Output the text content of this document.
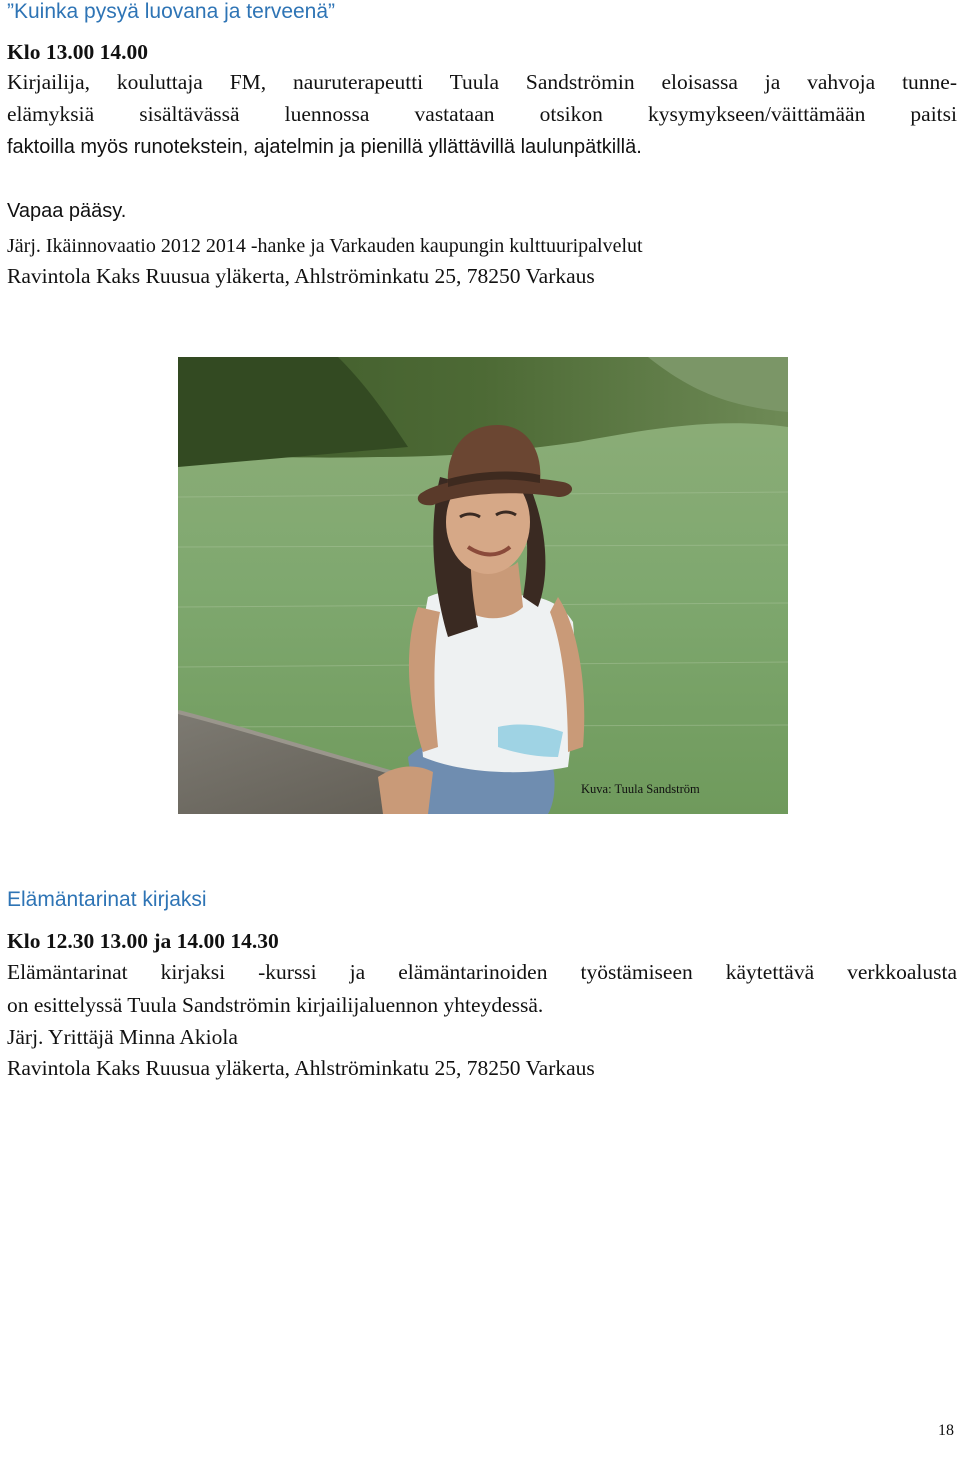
”Kuinka pysyä luovana ja terveenä”
Klo 13.00 14.00
Kirjailija, kouluttaja FM, nauruterapeutti Tuula Sandströmin eloisassa ja vahvoja tunne-
elämyksiä sisältävässä luennossa vastataan otsikon kysymykseen/väittämään paitsi
faktoilla myös runotekstein, ajatelmin ja pienillä yllättävillä laulunpätkillä.
Vapaa pääsy.
Järj. Ikäinnovaatio 2012 2014 -hanke ja Varkauden kaupungin kulttuuripalvelut
Ravintola Kaks Ruusua yläkerta, Ahlströminkatu 25, 78250 Varkaus
Kuva: Tuula Sandström
Elämäntarinat kirjaksi
Klo 12.30 13.00 ja 14.00 14.30
Elämäntarinat kirjaksi -kurssi ja elämäntarinoiden työstämiseen käytettävä verkkoalusta
on esittelyssä Tuula Sandströmin kirjailijaluennon yhteydessä.
Järj. Yrittäjä Minna Akiola
Ravintola Kaks Ruusua yläkerta, Ahlströminkatu 25, 78250 Varkaus
18
